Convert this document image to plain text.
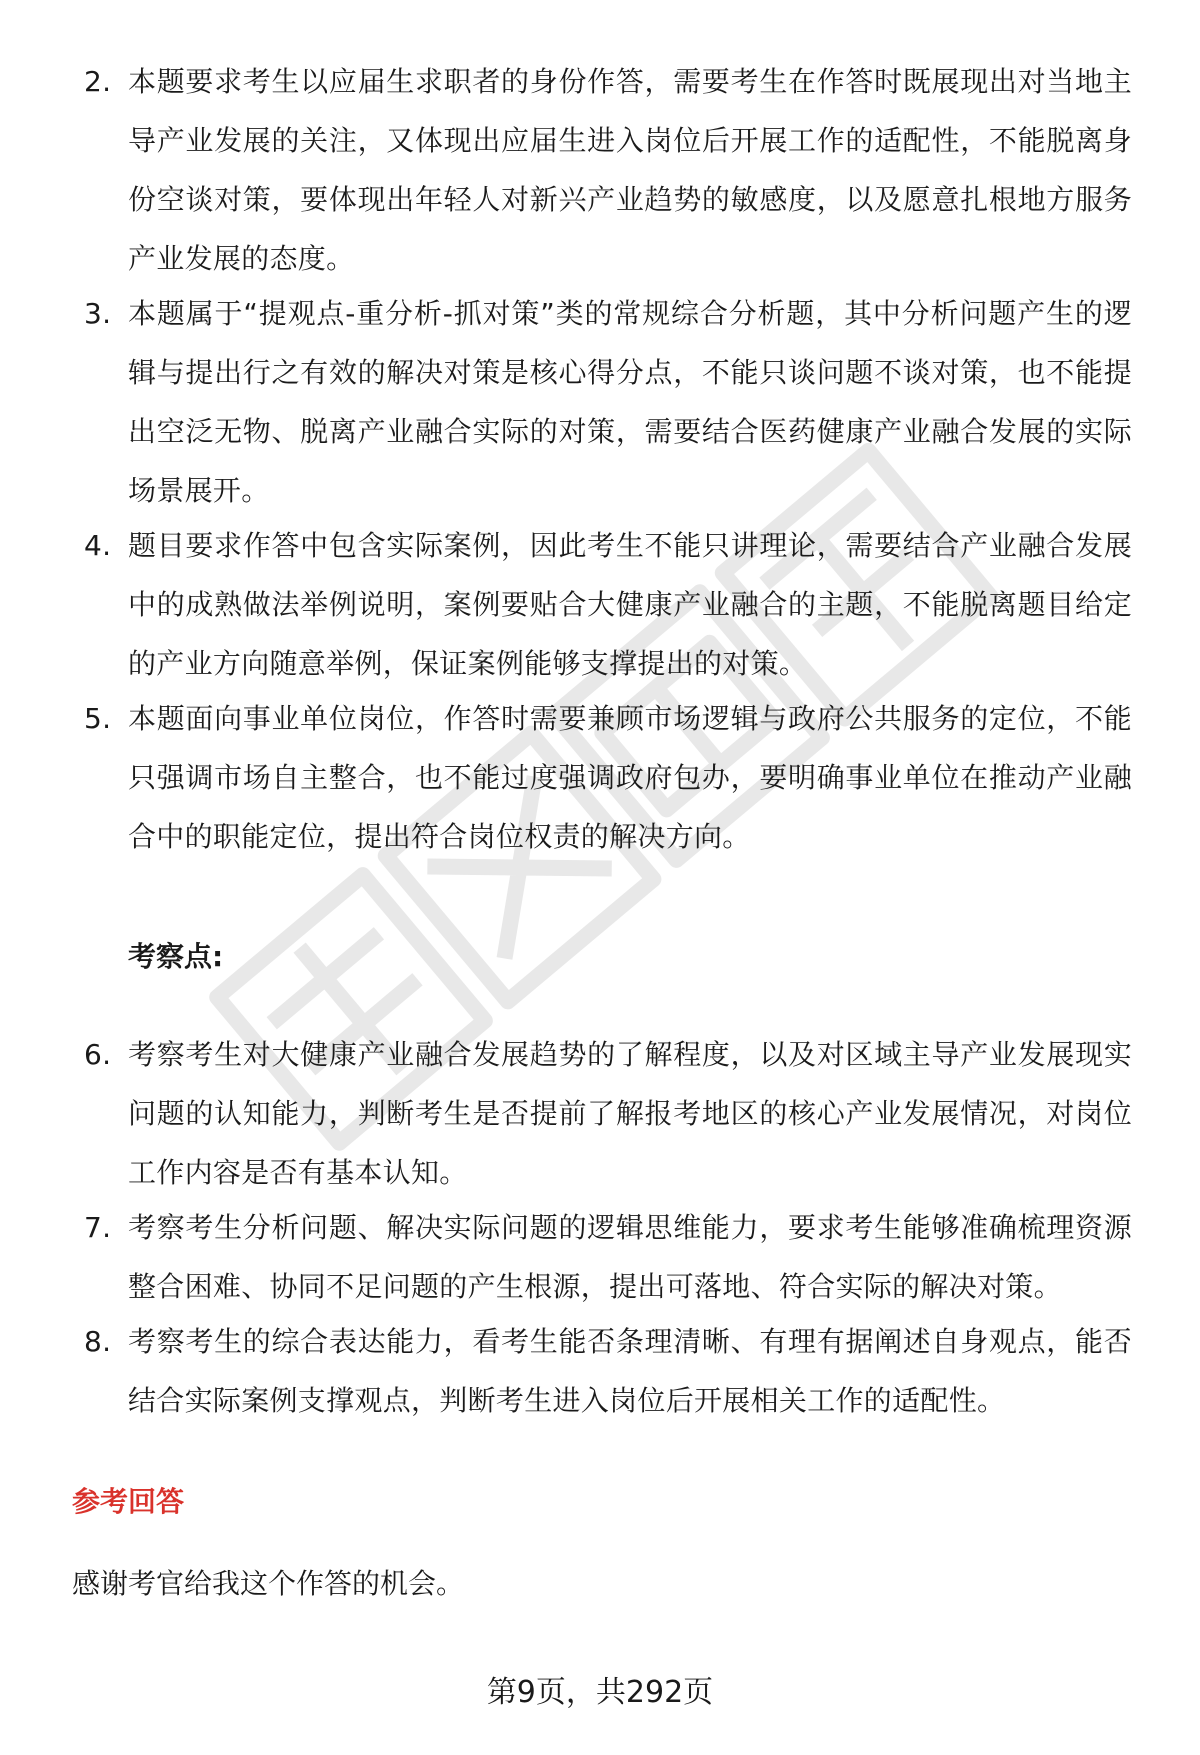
2. 本题要求考生以应届生求职者的身份作答，需要考生在作答时既展现出对当地主导产业发展的关注，又体现出应届生进入岗位后开展工作的适配性，不能脱离身份空谈对策，要体现出年轻人对新兴产业趋势的敏感度，以及愿意扎根地方服务产业发展的态度。
3. 本题属于“提观点-重分析-抓对策”类的常规综合分析题，其中分析问题产生的逻辑与提出行之有效的解决对策是核心得分点，不能只谈问题不谈对策，也不能提出空泛无物、脱离产业融合实际的对策，需要结合医药健康产业融合发展的实际场景展开。
4. 题目要求作答中包含实际案例，因此考生不能只讲理论，需要结合产业融合发展中的成熟做法举例说明，案例要贴合大健康产业融合的主题，不能脱离题目给定的产业方向随意举例，保证案例能够支撑提出的对策。
5. 本题面向事业单位岗位，作答时需要兼顾市场逻辑与政府公共服务的定位，不能只强调市场自主整合，也不能过度强调政府包办，要明确事业单位在推动产业融合中的职能定位，提出符合岗位权责的解决方向。
考察点:
6. 考察考生对大健康产业融合发展趋势的了解程度，以及对区域主导产业发展现实问题的认知能力，判断考生是否提前了解报考地区的核心产业发展情况，对岗位工作内容是否有基本认知。
7. 考察考生分析问题、解决实际问题的逻辑思维能力，要求考生能够准确梳理资源整合困难、协同不足问题的产生根源，提出可落地、符合实际的解决对策。
8. 考察考生的综合表达能力，看考生能否条理清晰、有理有据阐述自身观点，能否结合实际案例支撑观点，判断考生进入岗位后开展相关工作的适配性。
参考回答
感谢考官给我这个作答的机会。
第9页，共292页
